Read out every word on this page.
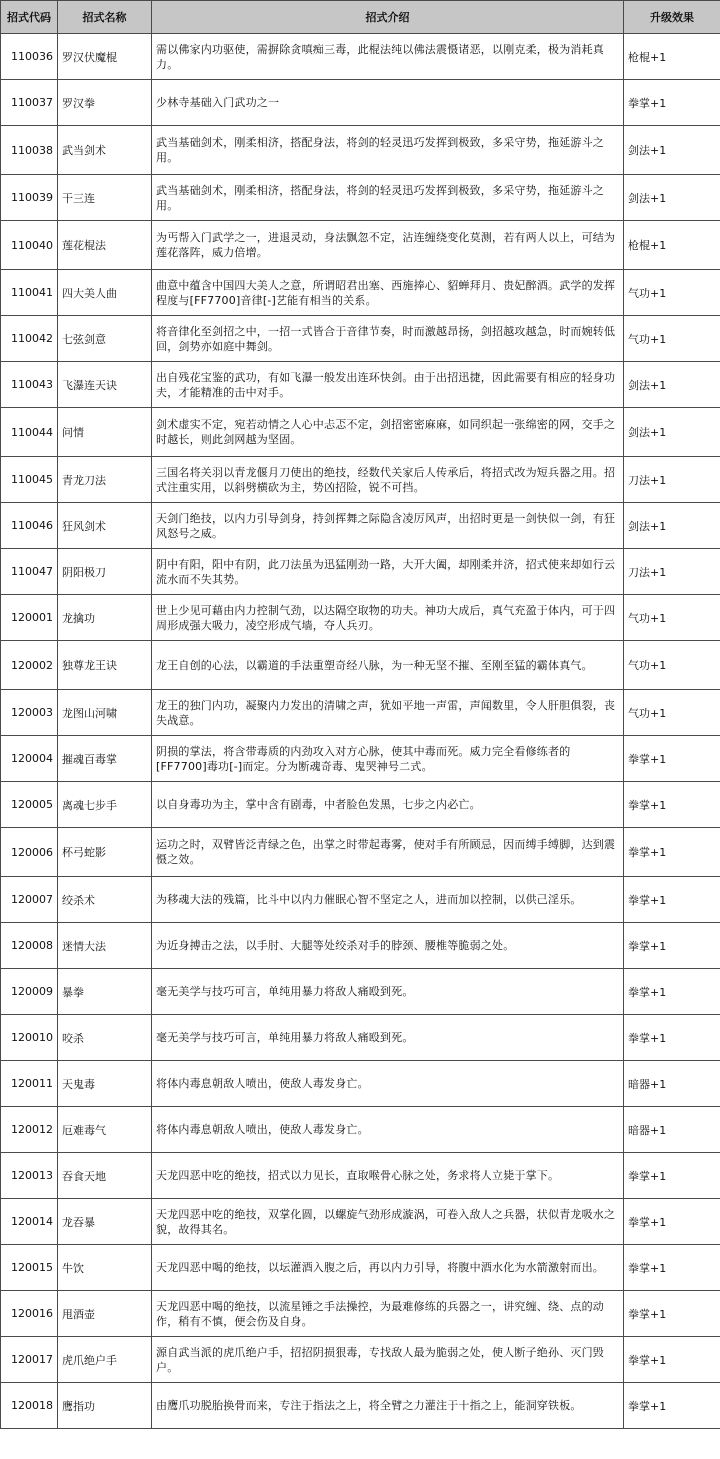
招式代码	招式名称	招式介绍	升级效果
110036	罗汉伏魔棍	需以佛家内功驱使，需摒除贪嗔痴三毒，此棍法纯以佛法震慑诸恶，以刚克柔，极为消耗真力。	枪棍+1
110037	罗汉拳	少林寺基础入门武功之一	拳掌+1
110038	武当剑术	武当基础剑术，刚柔相济，搭配身法，将剑的轻灵迅巧发挥到极致，多采守势，拖延游斗之用。	剑法+1
110039	干三连	武当基础剑术，刚柔相济，搭配身法，将剑的轻灵迅巧发挥到极致，多采守势，拖延游斗之用。	剑法+1
110040	莲花棍法	为丐帮入门武学之一，进退灵动，身法飘忽不定，沾连缠绕变化莫测，若有两人以上，可结为莲花落阵，威力倍增。	枪棍+1
110041	四大美人曲	曲意中蕴含中国四大美人之意，所谓昭君出塞、西施捧心、貂蝉拜月、贵妃醉酒。武学的发挥程度与[FF7700]音律[-]艺能有相当的关系。	气功+1
110042	七弦剑意	将音律化至剑招之中，一招一式皆合于音律节奏，时而激越昂扬，剑招越攻越急，时而婉转低回，剑势亦如庭中舞剑。	气功+1
110043	飞瀑连天诀	出自残花宝鉴的武功，有如飞瀑一般发出连环快剑。由于出招迅捷，因此需要有相应的轻身功夫，才能精准的击中对手。	剑法+1
110044	问情	剑术虚实不定，宛若动情之人心中忐忑不定，剑招密密麻麻，如同织起一张绵密的网，交手之时越长，则此剑网越为坚固。	剑法+1
110045	青龙刀法	三国名将关羽以青龙偃月刀使出的绝技，经数代关家后人传承后，将招式改为短兵器之用。招式注重实用，以斜劈横砍为主，势凶招险，锐不可挡。	刀法+1
110046	狂风剑术	天剑门绝技，以内力引导剑身，持剑挥舞之际隐含凌厉风声，出招时更是一剑快似一剑，有狂风怒号之威。	剑法+1
110047	阴阳极刀	阴中有阳，阳中有阴，此刀法虽为迅猛刚劲一路，大开大阖，却刚柔并济，招式使来却如行云流水而不失其势。	刀法+1
120001	龙擒功	世上少见可藉由内力控制气劲，以达隔空取物的功夫。神功大成后，真气充盈于体内，可于四周形成强大吸力，凌空形成气墙，夺人兵刃。	气功+1
120002	独尊龙王诀	龙王自创的心法，以霸道的手法重塑奇经八脉，为一种无坚不摧、至刚至猛的霸体真气。	气功+1
120003	龙图山河啸	龙王的独门内功，凝聚内力发出的清啸之声，犹如平地一声雷，声闻数里，令人肝胆俱裂，丧失战意。	气功+1
120004	摧魂百毒掌	阴损的掌法，将含带毒质的内劲攻入对方心脉，使其中毒而死。威力完全看修练者的[FF7700]毒功[-]而定。分为断魂奇毒、鬼哭神号二式。	拳掌+1
120005	离魂七步手	以自身毒功为主，掌中含有剧毒，中者脸色发黑，七步之内必亡。	拳掌+1
120006	杯弓蛇影	运功之时，双臂皆泛青绿之色，出掌之时带起毒雾，使对手有所顾忌，因而缚手缚脚，达到震慑之效。	拳掌+1
120007	绞杀术	为移魂大法的残篇，比斗中以内力催眠心智不坚定之人，进而加以控制，以供己淫乐。	拳掌+1
120008	迷情大法	为近身搏击之法，以手肘、大腿等处绞杀对手的脖颈、腰椎等脆弱之处。	拳掌+1
120009	暴拳	毫无美学与技巧可言，单纯用暴力将敌人痛殴到死。	拳掌+1
120010	咬杀	毫无美学与技巧可言，单纯用暴力将敌人痛殴到死。	拳掌+1
120011	天鬼毒	将体内毒息朝敌人喷出，使敌人毒发身亡。	暗器+1
120012	厄难毒气	将体内毒息朝敌人喷出，使敌人毒发身亡。	暗器+1
120013	吞食天地	天龙四恶中吃的绝技，招式以力见长，直取喉骨心脉之处，务求将人立毙于掌下。	拳掌+1
120014	龙吞暴	天龙四恶中吃的绝技，双掌化圆，以螺旋气劲形成漩涡，可卷入敌人之兵器，状似青龙吸水之貌，故得其名。	拳掌+1
120015	牛饮	天龙四恶中喝的绝技，以坛灌酒入腹之后，再以内力引导，将腹中酒水化为水箭激射而出。	拳掌+1
120016	甩酒壶	天龙四恶中喝的绝技，以流星锤之手法操控，为最难修练的兵器之一，讲究缠、绕、点的动作，稍有不慎，便会伤及自身。	拳掌+1
120017	虎爪绝户手	源自武当派的虎爪绝户手，招招阴损狠毒，专找敌人最为脆弱之处，使人断子绝孙、灭门毁户。	拳掌+1
120018	鹰指功	由鹰爪功脱胎换骨而来，专注于指法之上，将全臂之力灌注于十指之上，能洞穿铁板。	拳掌+1
